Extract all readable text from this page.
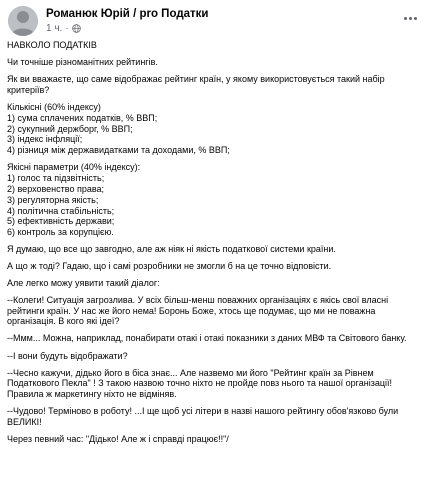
Романюк Юрій / pro Податки
1 ч. ·

НАВКОЛО ПОДАТКІВ

Чи точніше різноманітних рейтингів.

Як ви вважаєте, що саме відображає рейтинг країн, у якому використовується такий набір критеріїв?

Кількісні (60% індексу)
1) сума сплачених податків, % ВВП;
2) сукупний держборг, % ВВП;
3) індекс інфляції;
4) різниця між державидатками та доходами, % ВВП;

Якісні параметри (40% індексу):
1) голос та підзвітність;
2) верховенство права;
3) регуляторна якість;
4) політична стабільність;
5) ефективність держави;
6) контроль за корупцією.

Я думаю, що все що завгодно, але аж ніяк ні якість податкової системи країни.

А що ж тоді? Гадаю, що і самі розробники не змогли б на це точно відповісти.

Але легко можу уявити такий діалог:

--Колеги! Ситуація загрозлива. У всіх більш-менш поважних організаціях є якісь свої власні рейтинги країн. У нас же його нема! Боронь Боже, хтось ще подумає, що ми не поважна організація. В кого які ідеї?

--Ммм... Можна, наприклад, понабирати отакі і отакі показники з даних МВФ та Світового банку.

--І вони будуть відображати?

--Чесно кажучи, дідько його в бісa знає... Але назвемо ми його "Рейтинг країн за Рівнем Податкового Пекла" ! З такою назвою точно ніхто не пройде повз нього та нашої організації! Правила ж маркетингу ніхто не відміняв.

--Чудово! Терміново в роботу! ...І ще щоб усі літери в назві нашого рейтингу обов'язково були ВЕЛИКІ!

Через певний час: "Дідько! Але ж і справді працює!!"/
